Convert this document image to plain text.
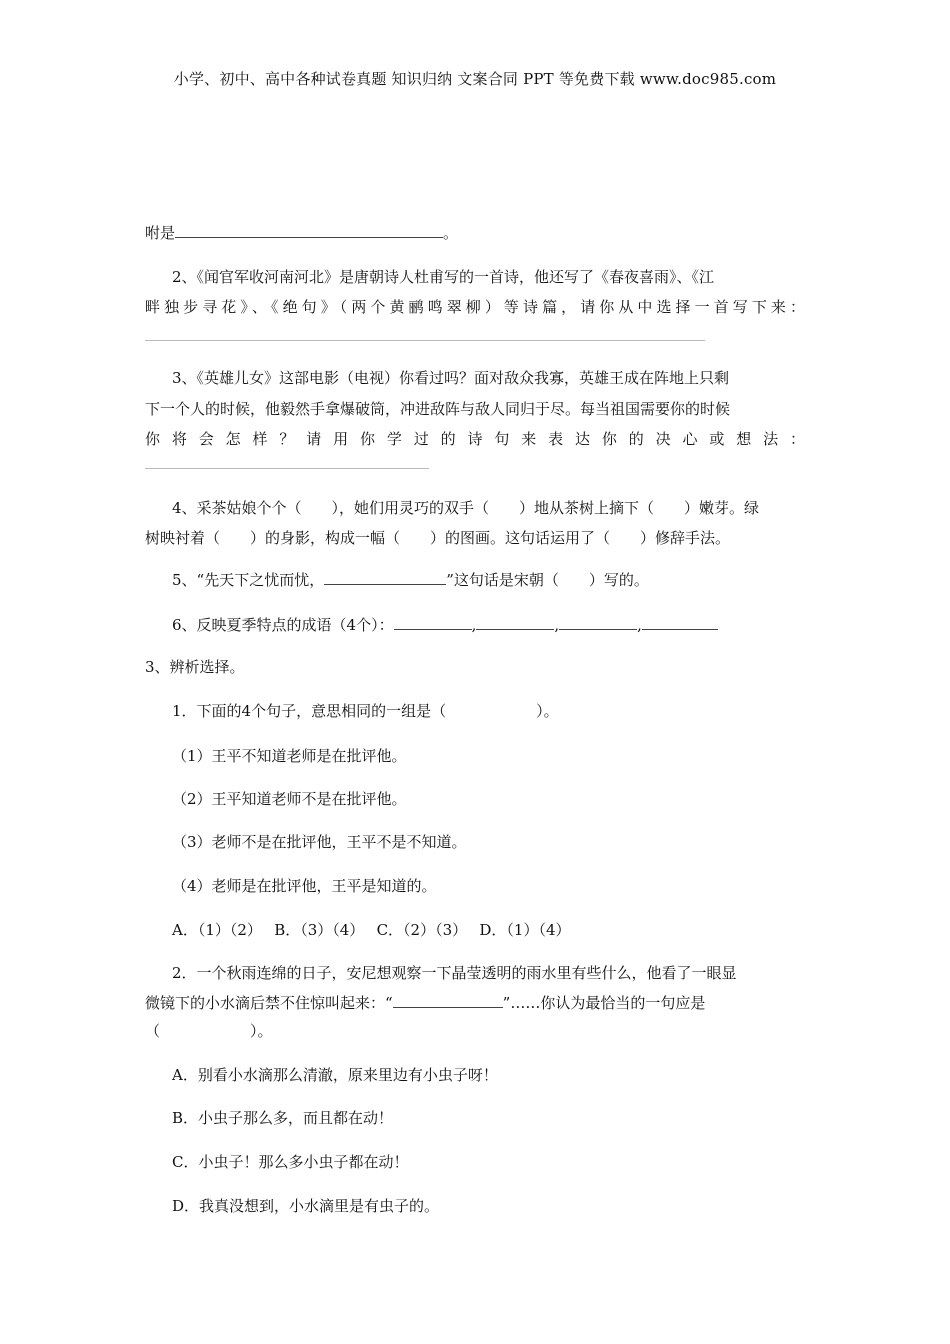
小学、初中、高中各种试卷真题 知识归纳 文案合同 PPT 等免费下载 www.doc985.com
咐是	。
2、《闻官军收河南河北》是唐朝诗人杜甫写的一首诗，他还写了《春夜喜雨》、《江
畔独步寻花》、《绝句》（两个黄鹂鸣翠柳）等诗篇，请你从中选择一首写下来：
3、《英雄儿女》这部电影（电视）你看过吗？面对敌众我寡，英雄王成在阵地上只剩
下一个人的时候，他毅然手拿爆破筒，冲进敌阵与敌人同归于尽。每当祖国需要你的时候
你将会怎样？请用你学过的诗句来表达你的决心或想法：
4、采茶姑娘个个（　　），她们用灵巧的双手（　　）地从茶树上摘下（　　）嫩芽。绿
树映衬着（　　）的身影，构成一幅（　　）的图画。这句话运用了（　　）修辞手法。
5、“先天下之忧而忧，	”这句话是宋朝（　　）写的。
6、反映夏季特点的成语（4个）：	,	,	,
3、辨析选择。
1．下面的4个句子，意思相同的一组是（　　　　　　）。
（1）王平不知道老师是在批评他。
（2）王平知道老师不是在批评他。
（3）老师不是在批评他，王平不是不知道。
（4）老师是在批评他，王平是知道的。
A．（1）（2）　 B．（3）（4）　 C．（2）（3）　 D．（1）（4）
2．一个秋雨连绵的日子，安尼想观察一下晶莹透明的雨水里有些什么，他看了一眼显
微镜下的小水滴后禁不住惊叫起来：“	”……你认为最恰当的一句应是
（　　　　　　）。
A．别看小水滴那么清澈，原来里边有小虫子呀！
B．小虫子那么多，而且都在动！
C．小虫子！那么多小虫子都在动！
D．我真没想到，小水滴里是有虫子的。
